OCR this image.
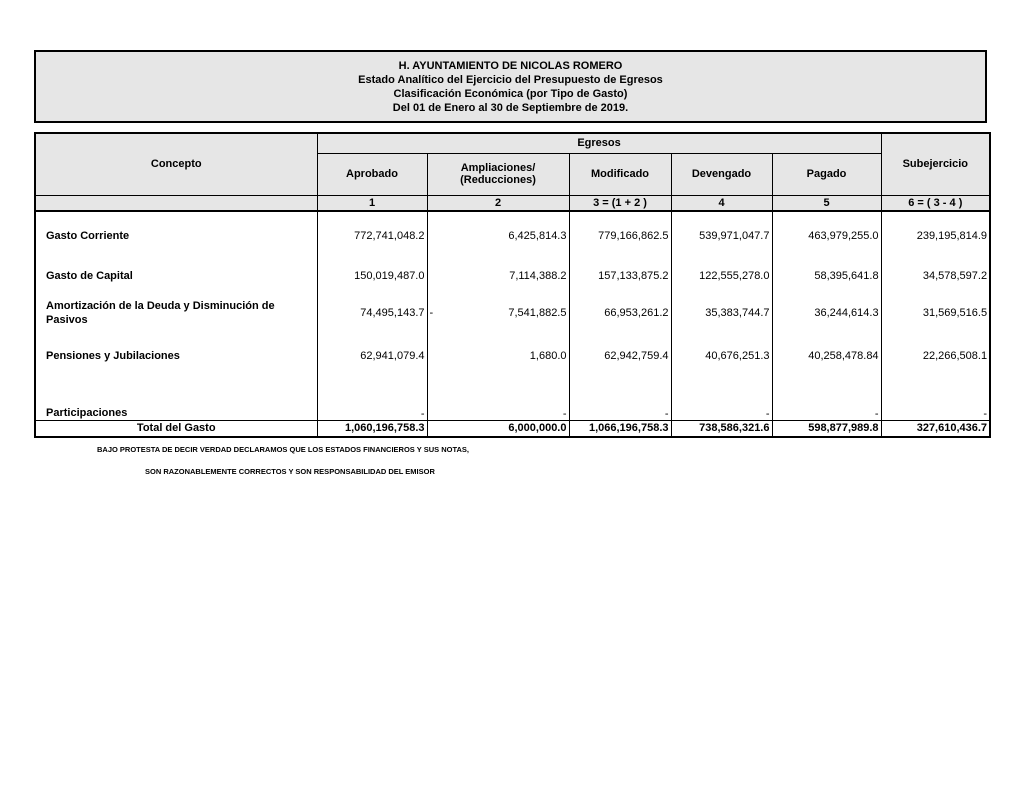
H. AYUNTAMIENTO DE NICOLAS ROMERO
Estado Analítico del Ejercicio del Presupuesto de Egresos
Clasificación Económica (por Tipo de Gasto)
Del 01 de Enero al 30 de Septiembre de 2019.
Concepto	Egresos					Subejercicio
	Aprobado	Ampliaciones/ (Reducciones)	Modificado	Devengado	Pagado	
	1	2	3 = (1 + 2 )	4	5	6 = ( 3 - 4 )
Gasto Corriente	772,741,048.2	6,425,814.3	779,166,862.5	539,971,047.7	463,979,255.0	239,195,814.9
Gasto de Capital	150,019,487.0	7,114,388.2	157,133,875.2	122,555,278.0	58,395,641.8	34,578,597.2
Amortización de la Deuda y Disminución de Pasivos	74,495,143.7	- 7,541,882.5	66,953,261.2	35,383,744.7	36,244,614.3	31,569,516.5
Pensiones y Jubilaciones	62,941,079.4	1,680.0	62,942,759.4	40,676,251.3	40,258,478.84	22,266,508.1
Participaciones	-	-	-	-	-	-
Total del Gasto	1,060,196,758.3	6,000,000.0	1,066,196,758.3	738,586,321.6	598,877,989.8	327,610,436.7
BAJO PROTESTA DE DECIR VERDAD DECLARAMOS QUE LOS ESTADOS FINANCIEROS Y SUS NOTAS,
SON RAZONABLEMENTE CORRECTOS Y SON RESPONSABILIDAD DEL EMISOR
